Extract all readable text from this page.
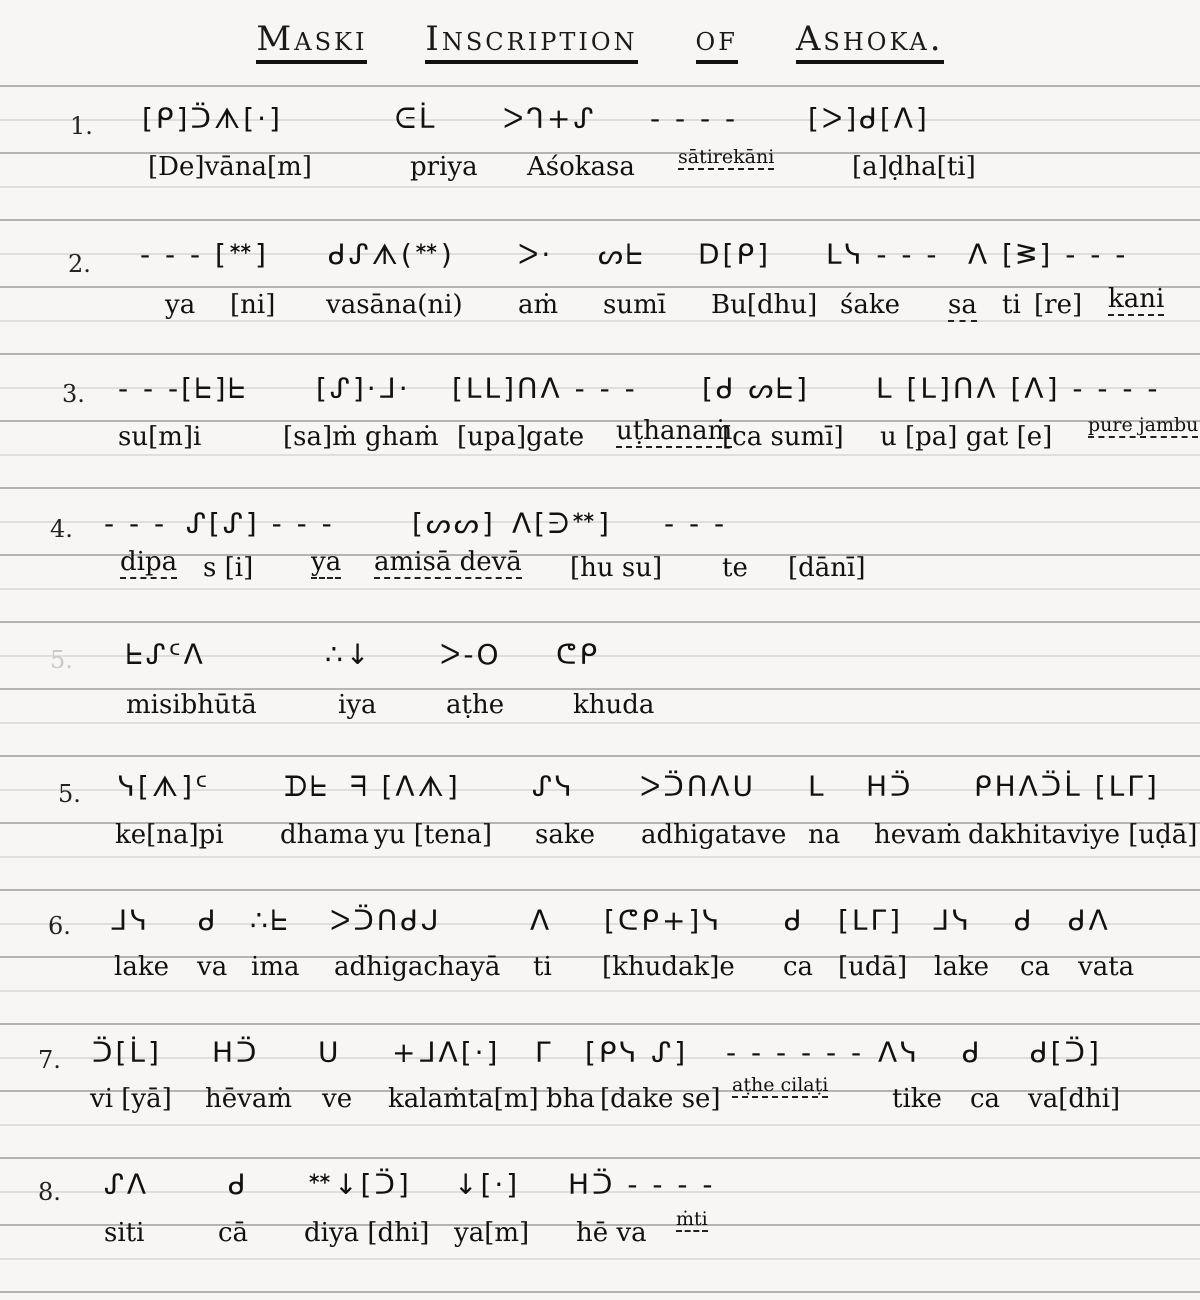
Maski Inscription of Ashoka.
1. [ᑭ]ᑒᗑ[·]	ᕮᒫ ᐳᒉ+ᔑ - - - - [ᐳ]ᑯ[ᐱ]
[De]vāna[m]	priya Aśokasa sātirekāni	[a]ḍha[ti]
2. - - - [ᕯ] ᑯᔑᗑ(ᕯ) ᐳ· ᔕᖶ ᗞ[ᑭ] ᒪᓭ - - - ᐱ [ᕒ] - - -
ya [ni] vasāna(ni) aṁ sumī Bu[dhu] śake sa ti [re] kani
3. - - -[ᖶ]ᖶ [ᔑ]·ᒧ· [ᒪᒪ]ᑎᐱ - - - [ᑯ ᔕᖶ] ᒪ [ᒪ]ᑎᐱ [ᐱ] - - - -
su[m]i	[sa]ṁ ghaṁ [upa]gate uṭhanaṁ
[ca sumī] u [pa] gat [e] pure jambu
4. - - - ᔑ[ᔑ] - - -	[ᔕᔕ] ᐱ[ᕭᕯ] - - -
dipa s [i] ya amisā devā [hu su] te [dānī]
5. ᖶᔑᑦᐱ	∴↓ ᐳ-O ᕦᑭ
misibhūtā	iya	aṭhe	khuda
5. ᓭ[ᗑ]ᑦ	ᗪᖶ ᖷ [ᐱᗑ]	ᔑᓭ ᐳᑒᑎᐱᑌ ᒪ ᕼᑒ ᑭᕼᐱᑒᒫ [ᒪᒥ]
ke[na]pi dhama yu [tena] sake adhigatave na hevaṁ dakhitaviye [uḍā]
6. ᒧᓭ ᑯ ∴ᖶ ᐳᑒᑎᑯᒍ	ᐱ [ᕦᑭ+]ᓭ ᑯ [ᒪᒥ] ᒧᓭ ᑯ ᑯᐱ
lake va ima adhigachayā ti [khudak]e ca [udā] lake ca vata
7. ᑒ[ᒫ] ᕼᑒ ᑌ +ᒧᐱ[·] ᒥ [ᑭᓭ ᔑ] - - - - - - ᐱᓭ ᑯ ᑯ[ᑒ]
vi [yā] hēvaṁ ve kalaṁta[m] bha [dake se] aṭhe cilaṭi tike ca va[dhi]
8. ᔑᐱ	ᑯ ᕯ↓[ᑒ] ↓[·] ᕼᑒ - - - -
siti	cā diya [dhi] ya[m] hē va ṁti
